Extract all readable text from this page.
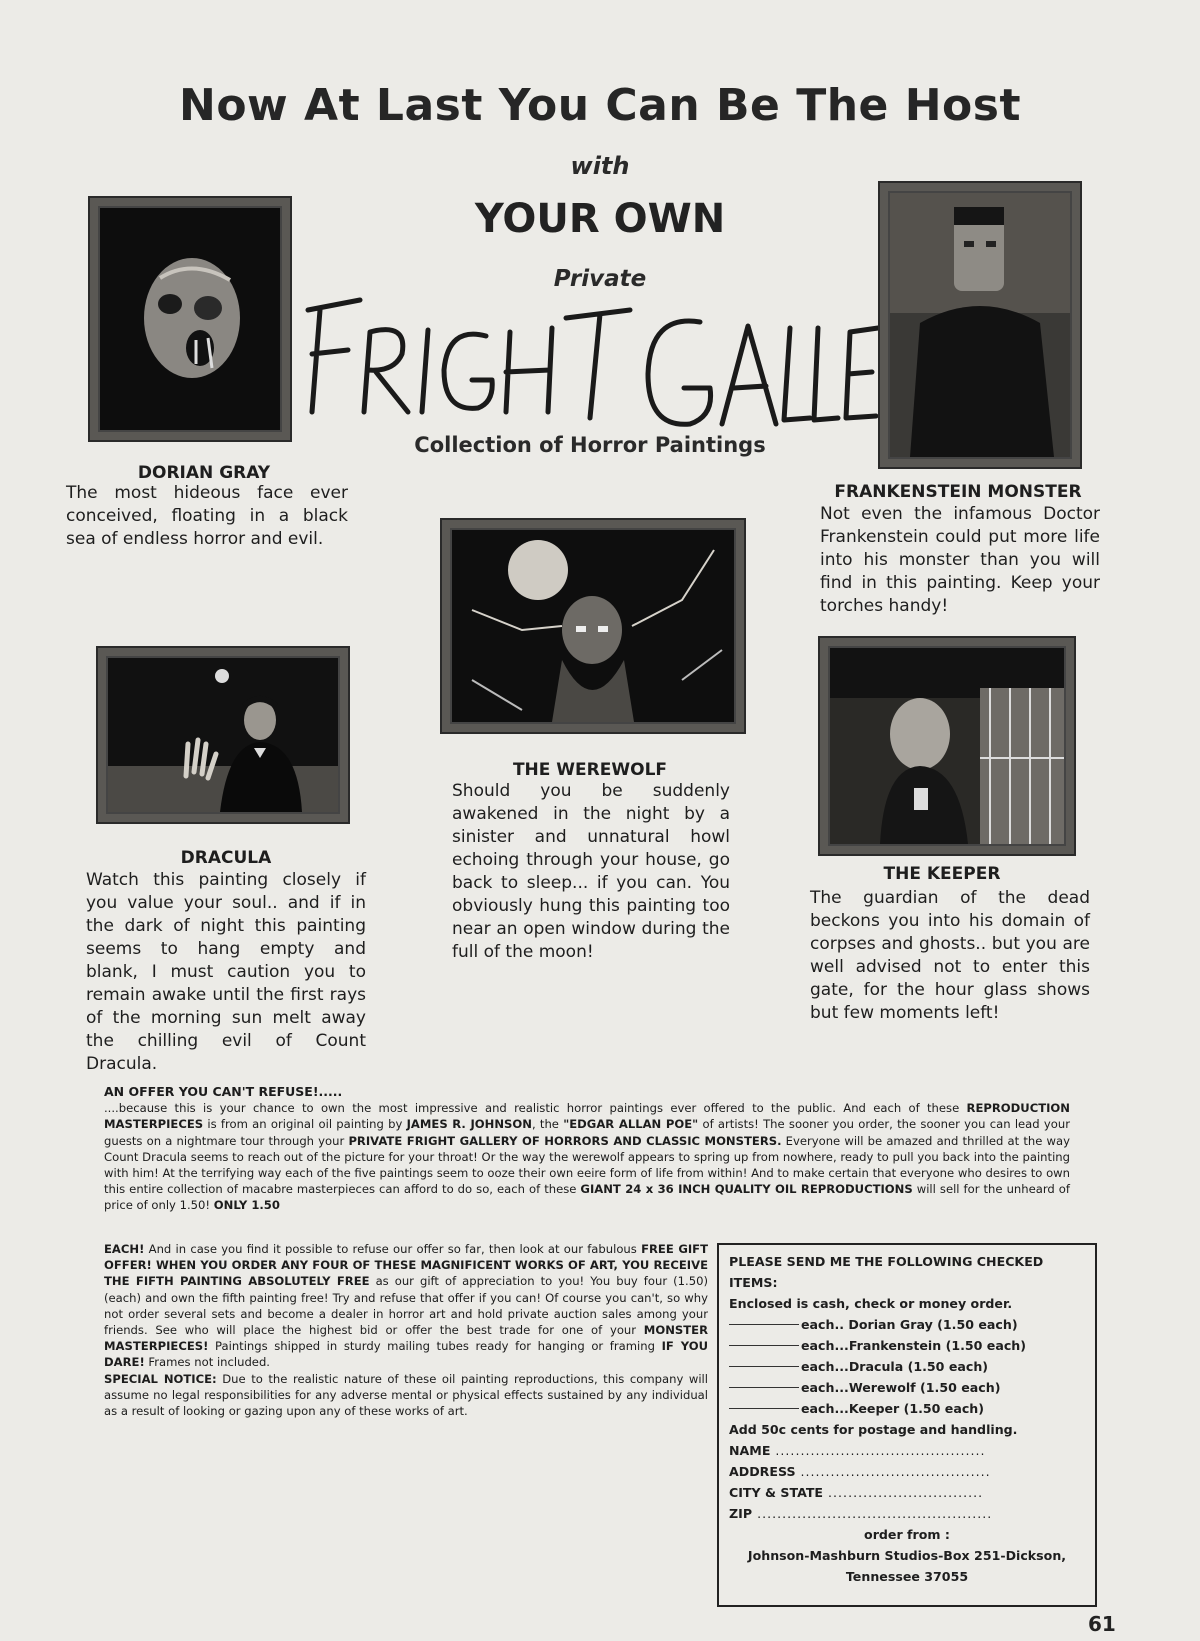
Now At Last You Can Be The Host
with
YOUR OWN
Private
FRIGHT GALLERY
Collection of Horror Paintings
DORIAN GRAY
The most hideous face ever conceived, floating in a black sea of endless horror and evil.
FRANKENSTEIN MONSTER
Not even the infamous Doctor Frankenstein could put more life into his monster than you will find in this painting. Keep your torches handy!
THE WEREWOLF
Should you be suddenly awakened in the night by a sinister and unnatural howl echoing through your house, go back to sleep... if you can. You obviously hung this painting too near an open window during the full of the moon!
DRACULA
Watch this painting closely if you value your soul.. and if in the dark of night this painting seems to hang empty and blank, I must caution you to remain awake until the first rays of the morning sun melt away the chilling evil of Count Dracula.
THE KEEPER
The guardian of the dead beckons you into his domain of corpses and ghosts.. but you are well advised not to enter this gate, for the hour glass shows but few moments left!
AN OFFER YOU CAN'T REFUSE!.....

....because this is your chance to own the most impressive and realistic horror paintings ever offered to the public. And each of these REPRODUCTION MASTERPIECES is from an original oil painting by JAMES R. JOHNSON, the "EDGAR ALLAN POE" of artists! The sooner you order, the sooner you can lead your guests on a nightmare tour through your PRIVATE FRIGHT GALLERY OF HORRORS AND CLASSIC MONSTERS. Everyone will be amazed and thrilled at the way Count Dracula seems to reach out of the picture for your throat! Or the way the werewolf appears to spring up from nowhere, ready to pull you back into the painting with him! At the terrifying way each of the five paintings seem to ooze their own eeire form of life from within! And to make certain that everyone who desires to own this entire collection of macabre masterpieces can afford to do so, each of these GIANT 24 x 36 INCH QUALITY OIL REPRODUCTIONS will sell for the unheard of price of only 1.50! ONLY 1.50

EACH! And in case you find it possible to refuse our offer so far, then look at our fabulous FREE GIFT OFFER! WHEN YOU ORDER ANY FOUR OF THESE MAGNIFICENT WORKS OF ART, YOU RECEIVE THE FIFTH PAINTING ABSOLUTELY FREE as our gift of appreciation to you! You buy four (1.50) (each) and own the fifth painting free! Try and refuse that offer if you can! Of course you can't, so why not order several sets and become a dealer in horror art and hold private auction sales among your friends. See who will place the highest bid or offer the best trade for one of your MONSTER MASTERPIECES! Paintings shipped in sturdy mailing tubes ready for hanging or framing IF YOU DARE! Frames not included.
SPECIAL NOTICE: Due to the realistic nature of these oil painting reproductions, this company will assume no legal responsibilities for any adverse mental or physical effects sustained by any individual as a result of looking or gazing upon any of these works of art.
PLEASE SEND ME THE FOLLOWING CHECKED ITEMS:
Enclosed is cash, check or money order.
each.. Dorian Gray (1.50 each)
each...Frankenstein (1.50 each)
each...Dracula (1.50 each)
each...Werewolf (1.50 each)
each...Keeper (1.50 each)
Add 50c cents for postage and handling.
NAME ..........................................
ADDRESS ......................................
CITY & STATE ...............................
ZIP ...............................................
order from :
Johnson-Mashburn Studios-Box 251-Dickson,
Tennessee 37055
61
